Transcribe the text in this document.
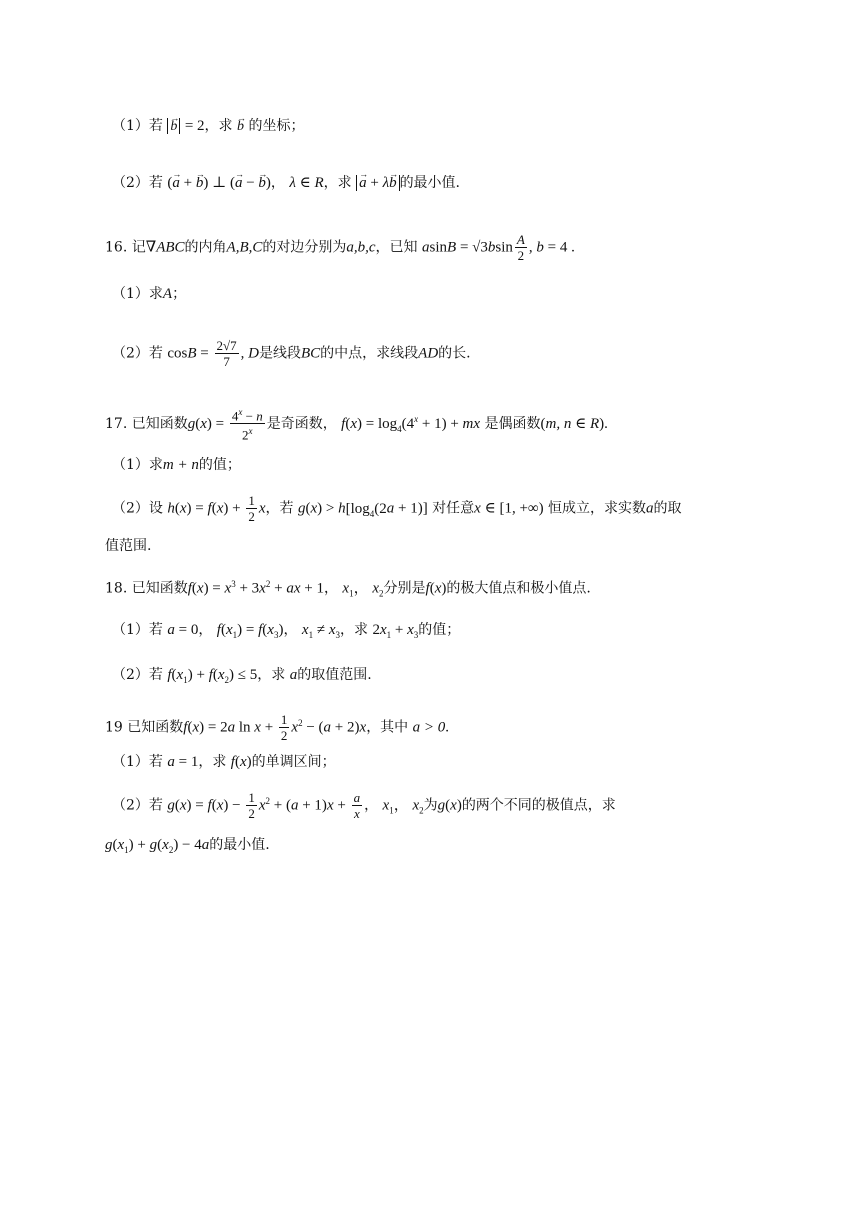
（1）若 → b = 2，求 → b 的坐标；
（2）若 (→ a + → b) ⊥ (→ a − → b)， λ ∈ R，求 → a + λ→ b 的最小值.
16. 记∇ABC的内角A,B,C的对边分别为a,b,c，已知 $asinB = √3bsin \frac{A}{2}$ , b = 4 .
（1）求A；
（2）若 $\cos B = \frac{2√7}{7}$ , D是线段BC的中点，求线段AD的长.
17. 已知函数$g(x) = \frac{4^x - n}{2^x}$ 是奇函数， $f(x) = \log_4(4^x + 1)$ + mx 是偶函数(m, n ∈ R).
（1）求m + n的值；
（2）设 $h(x) = f(x) + \frac{1}{2}$ x，若 $g(x) > h[\log_4(2a + 1)]$ 对任意x ∈ [1, +∞) 恒成立，求实数a的取
值范围.
18. 已知函数$f(x) = x^3 + 3x^2$ + ax + 1， $x_1$， $x_2$分别是f(x)的极大值点和极小值点.
（1）若 a = 0， $f(x_1) = f(x_3)$， $x_1 \ne x_3$，求 $2x_1 + x_3$的值；
（2）若 $f(x_1) + f(x_2) \le 5$，求 a的取值范围.
19 已知函数f(x) = 2a $\ln x + \frac{1}{2} x^2 - (a + 2)x$，其中 a > 0.
（1）若 a = 1，求 f(x)的单调区间；
（2）若 $g(x) = f(x) - \frac{1}{2} x^2 + (a + 1)x + \frac{a}{x}$ ， $x_1$， $x_2$为g(x)的两个不同的极值点，求
$g(x_1) + g(x_2) - 4a$的最小值.
